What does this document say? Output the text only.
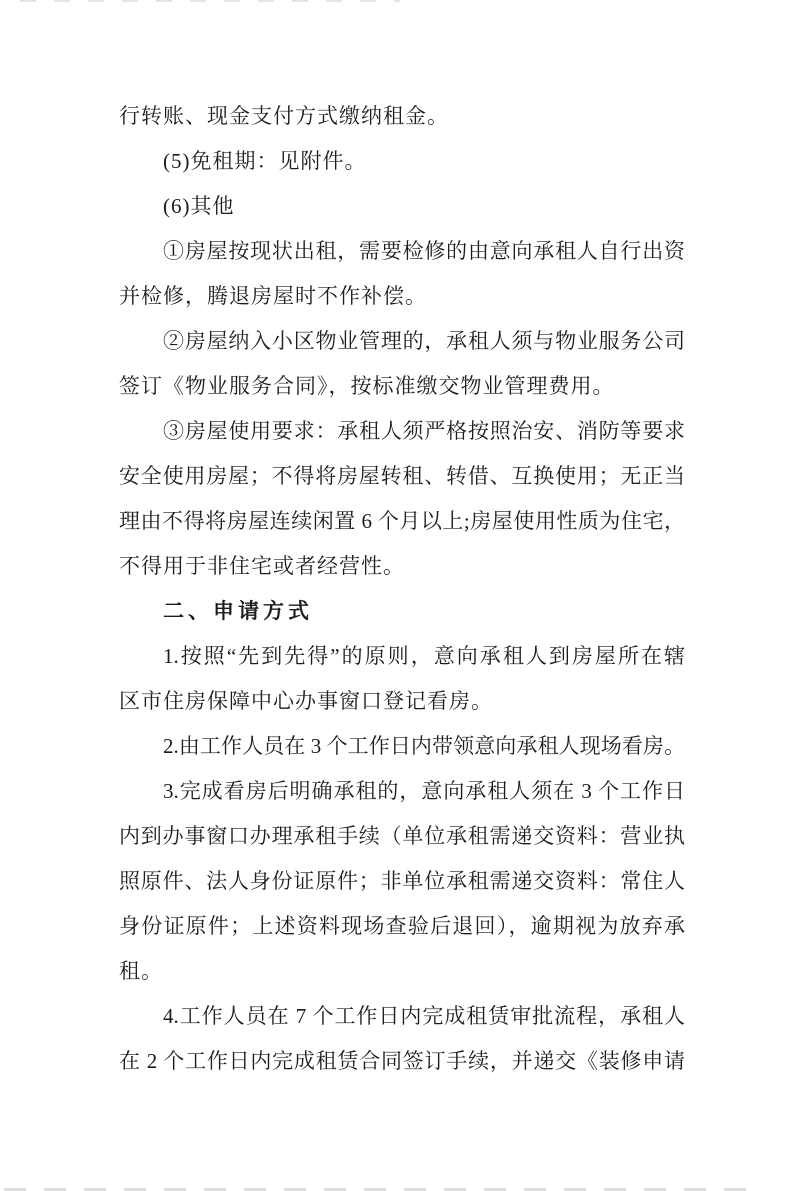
行转账、现金支付方式缴纳租金。
(5)免租期：见附件。
(6)其他
①房屋按现状出租，需要检修的由意向承租人自行出资
并检修，腾退房屋时不作补偿。
②房屋纳入小区物业管理的，承租人须与物业服务公司
签订《物业服务合同》，按标准缴交物业管理费用。
③房屋使用要求：承租人须严格按照治安、消防等要求
安全使用房屋；不得将房屋转租、转借、互换使用；无正当
理由不得将房屋连续闲置 6 个月以上;房屋使用性质为住宅，
不得用于非住宅或者经营性。
二、申请方式
1.按照“先到先得”的原则，意向承租人到房屋所在辖
区市住房保障中心办事窗口登记看房。
2.由工作人员在 3 个工作日内带领意向承租人现场看房。
3.完成看房后明确承租的，意向承租人须在 3 个工作日
内到办事窗口办理承租手续（单位承租需递交资料：营业执
照原件、法人身份证原件；非单位承租需递交资料：常住人
身份证原件；上述资料现场查验后退回），逾期视为放弃承
租。
4.工作人员在 7 个工作日内完成租赁审批流程，承租人
在 2 个工作日内完成租赁合同签订手续，并递交《装修申请
